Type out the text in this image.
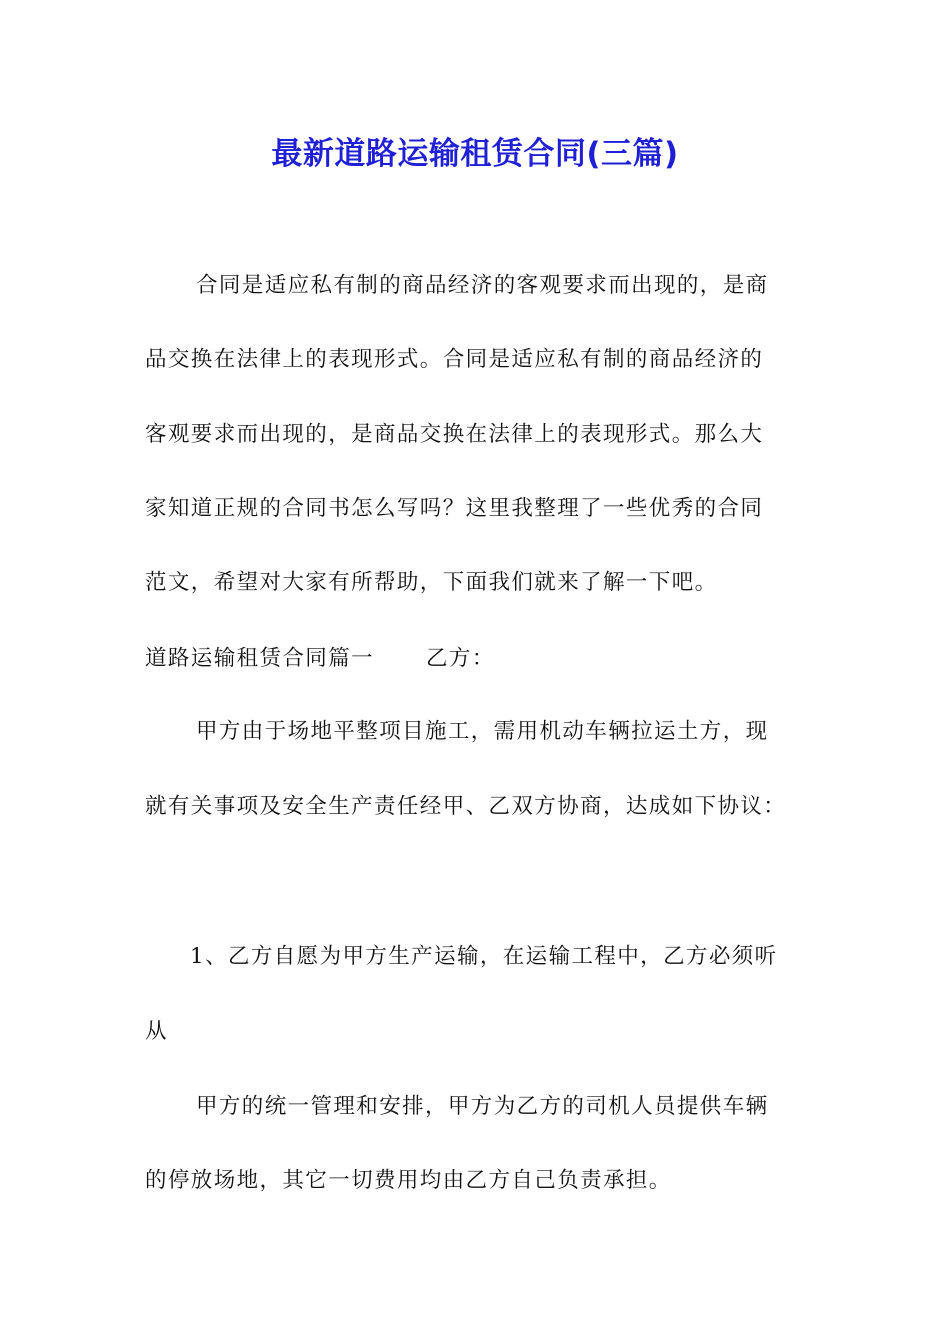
最新道路运输租赁合同(三篇)
合同是适应私有制的商品经济的客观要求而出现的，是商
品交换在法律上的表现形式。合同是适应私有制的商品经济的
客观要求而出现的，是商品交换在法律上的表现形式。那么大
家知道正规的合同书怎么写吗？这里我整理了一些优秀的合同
范文，希望对大家有所帮助，下面我们就来了解一下吧。
道路运输租赁合同篇一 乙方：
甲方由于场地平整项目施工，需用机动车辆拉运土方，现
就有关事项及安全生产责任经甲、乙双方协商，达成如下协议：
1、乙方自愿为甲方生产运输，在运输工程中，乙方必须听
从
甲方的统一管理和安排，甲方为乙方的司机人员提供车辆
的停放场地，其它一切费用均由乙方自己负责承担。
